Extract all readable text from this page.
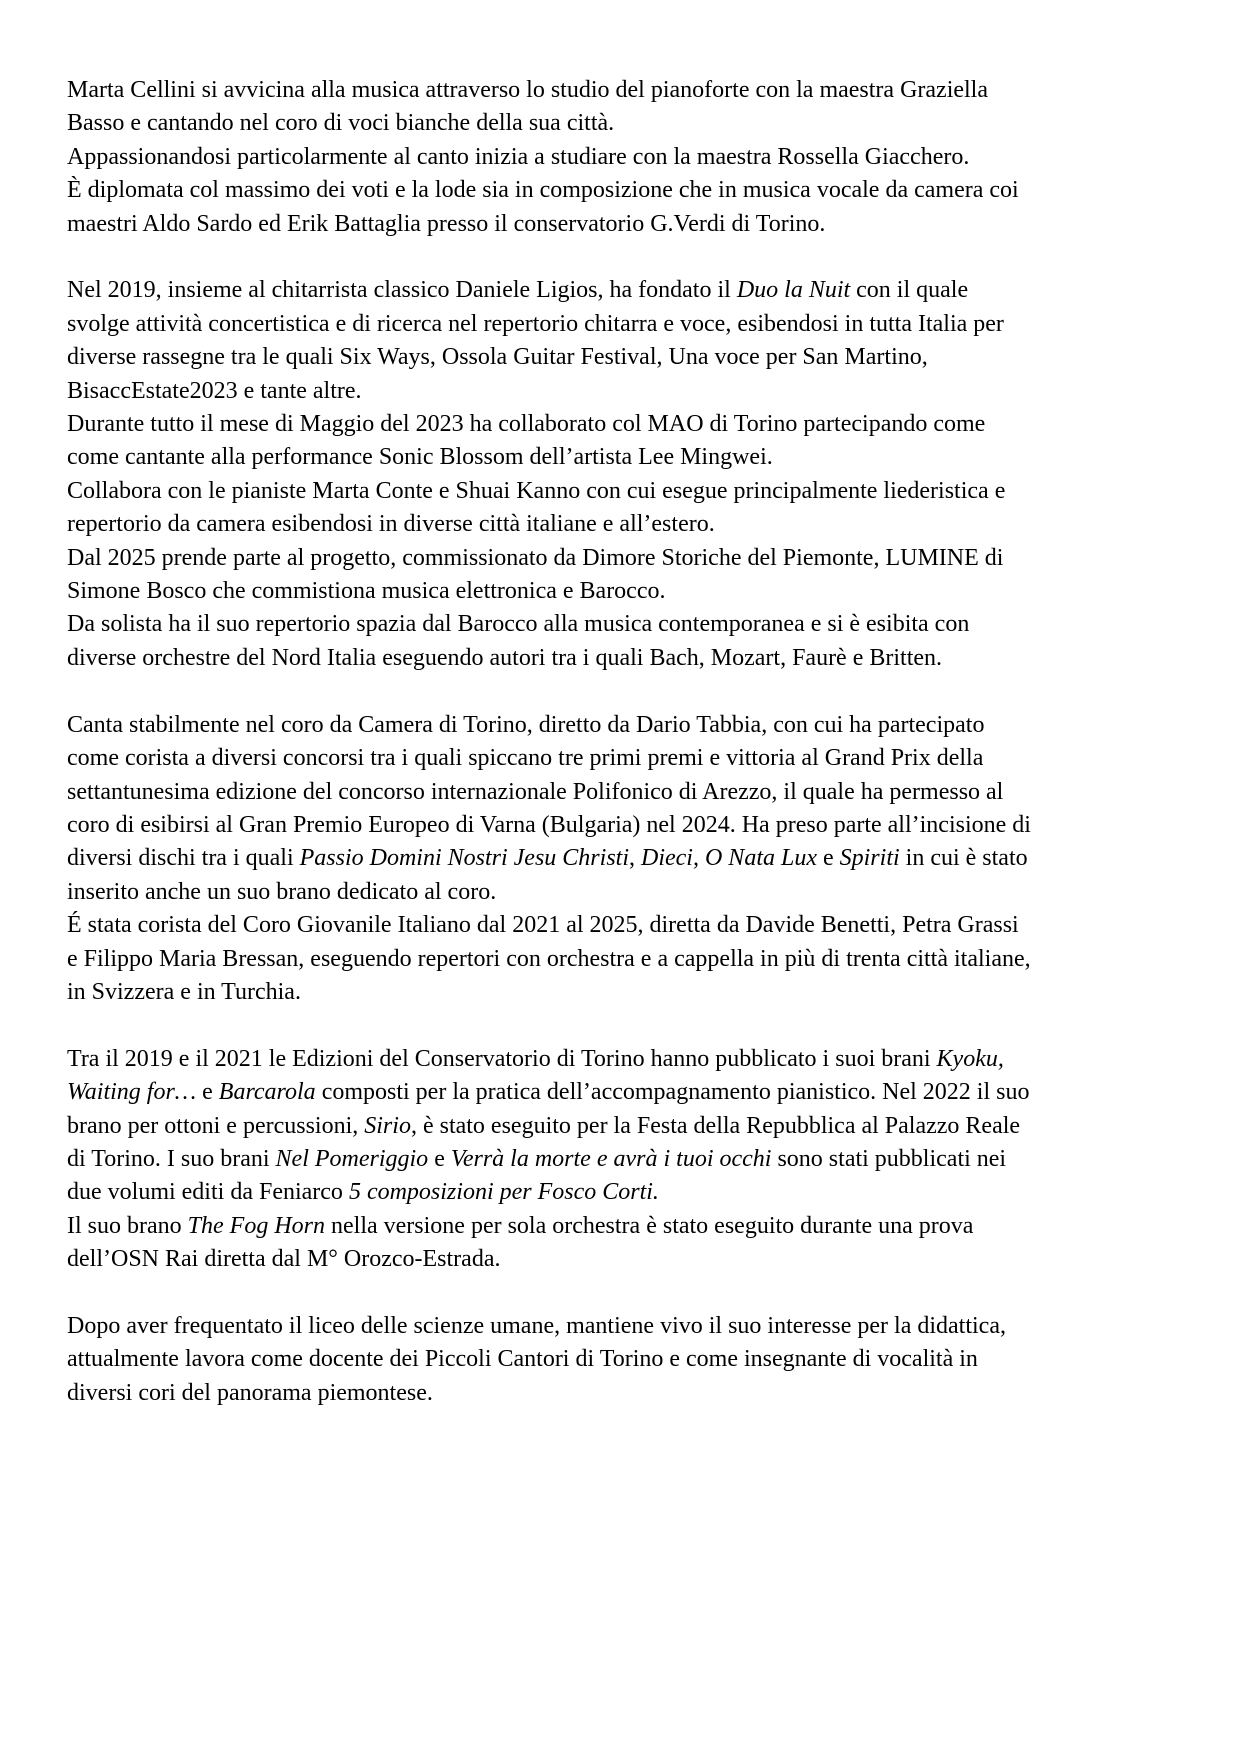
Marta Cellini si avvicina alla musica attraverso lo studio del pianoforte con la maestra Graziella
Basso e cantando nel coro di voci bianche della sua città.
Appassionandosi particolarmente al canto inizia a studiare con la maestra Rossella Giacchero.
È diplomata col massimo dei voti e la lode sia in composizione che in musica vocale da camera coi
maestri Aldo Sardo ed Erik Battaglia presso il conservatorio G.Verdi di Torino.

Nel 2019, insieme al chitarrista classico Daniele Ligios, ha fondato il Duo la Nuit con il quale
svolge attività concertistica e di ricerca nel repertorio chitarra e voce, esibendosi in tutta Italia per
diverse rassegne tra le quali Six Ways, Ossola Guitar Festival, Una voce per San Martino,
BisaccEstate2023 e tante altre.
Durante tutto il mese di Maggio del 2023 ha collaborato col MAO di Torino partecipando come
come cantante alla performance Sonic Blossom dell’artista Lee Mingwei.
Collabora con le pianiste Marta Conte e Shuai Kanno con cui esegue principalmente liederistica e
repertorio da camera esibendosi in diverse città italiane e all’estero.
Dal 2025 prende parte al progetto, commissionato da Dimore Storiche del Piemonte, LUMINE di
Simone Bosco che commistiona musica elettronica e Barocco.
Da solista ha il suo repertorio spazia dal Barocco alla musica contemporanea e si è esibita con
diverse orchestre del Nord Italia eseguendo autori tra i quali Bach, Mozart, Faurè e Britten.

Canta stabilmente nel coro da Camera di Torino, diretto da Dario Tabbia, con cui ha partecipato
come corista a diversi concorsi tra i quali spiccano tre primi premi e vittoria al Grand Prix della
settantunesima edizione del concorso internazionale Polifonico di Arezzo, il quale ha permesso al
coro di esibirsi al Gran Premio Europeo di Varna (Bulgaria) nel 2024. Ha preso parte all’incisione di
diversi dischi tra i quali Passio Domini Nostri Jesu Christi, Dieci, O Nata Lux e Spiriti in cui è stato
inserito anche un suo brano dedicato al coro.
É stata corista del Coro Giovanile Italiano dal 2021 al 2025, diretta da Davide Benetti, Petra Grassi
e Filippo Maria Bressan, eseguendo repertori con orchestra e a cappella in più di trenta città italiane,
in Svizzera e in Turchia.

Tra il 2019 e il 2021 le Edizioni del Conservatorio di Torino hanno pubblicato i suoi brani Kyoku,
Waiting for… e Barcarola composti per la pratica dell’accompagnamento pianistico. Nel 2022 il suo
brano per ottoni e percussioni, Sirio, è stato eseguito per la Festa della Repubblica al Palazzo Reale
di Torino. I suo brani Nel Pomeriggio e Verrà la morte e avrà i tuoi occhi sono stati pubblicati nei
due volumi editi da Feniarco 5 composizioni per Fosco Corti.
Il suo brano The Fog Horn nella versione per sola orchestra è stato eseguito durante una prova
dell’OSN Rai diretta dal M° Orozco-Estrada.

Dopo aver frequentato il liceo delle scienze umane, mantiene vivo il suo interesse per la didattica,
attualmente lavora come docente dei Piccoli Cantori di Torino e come insegnante di vocalità in
diversi cori del panorama piemontese.
